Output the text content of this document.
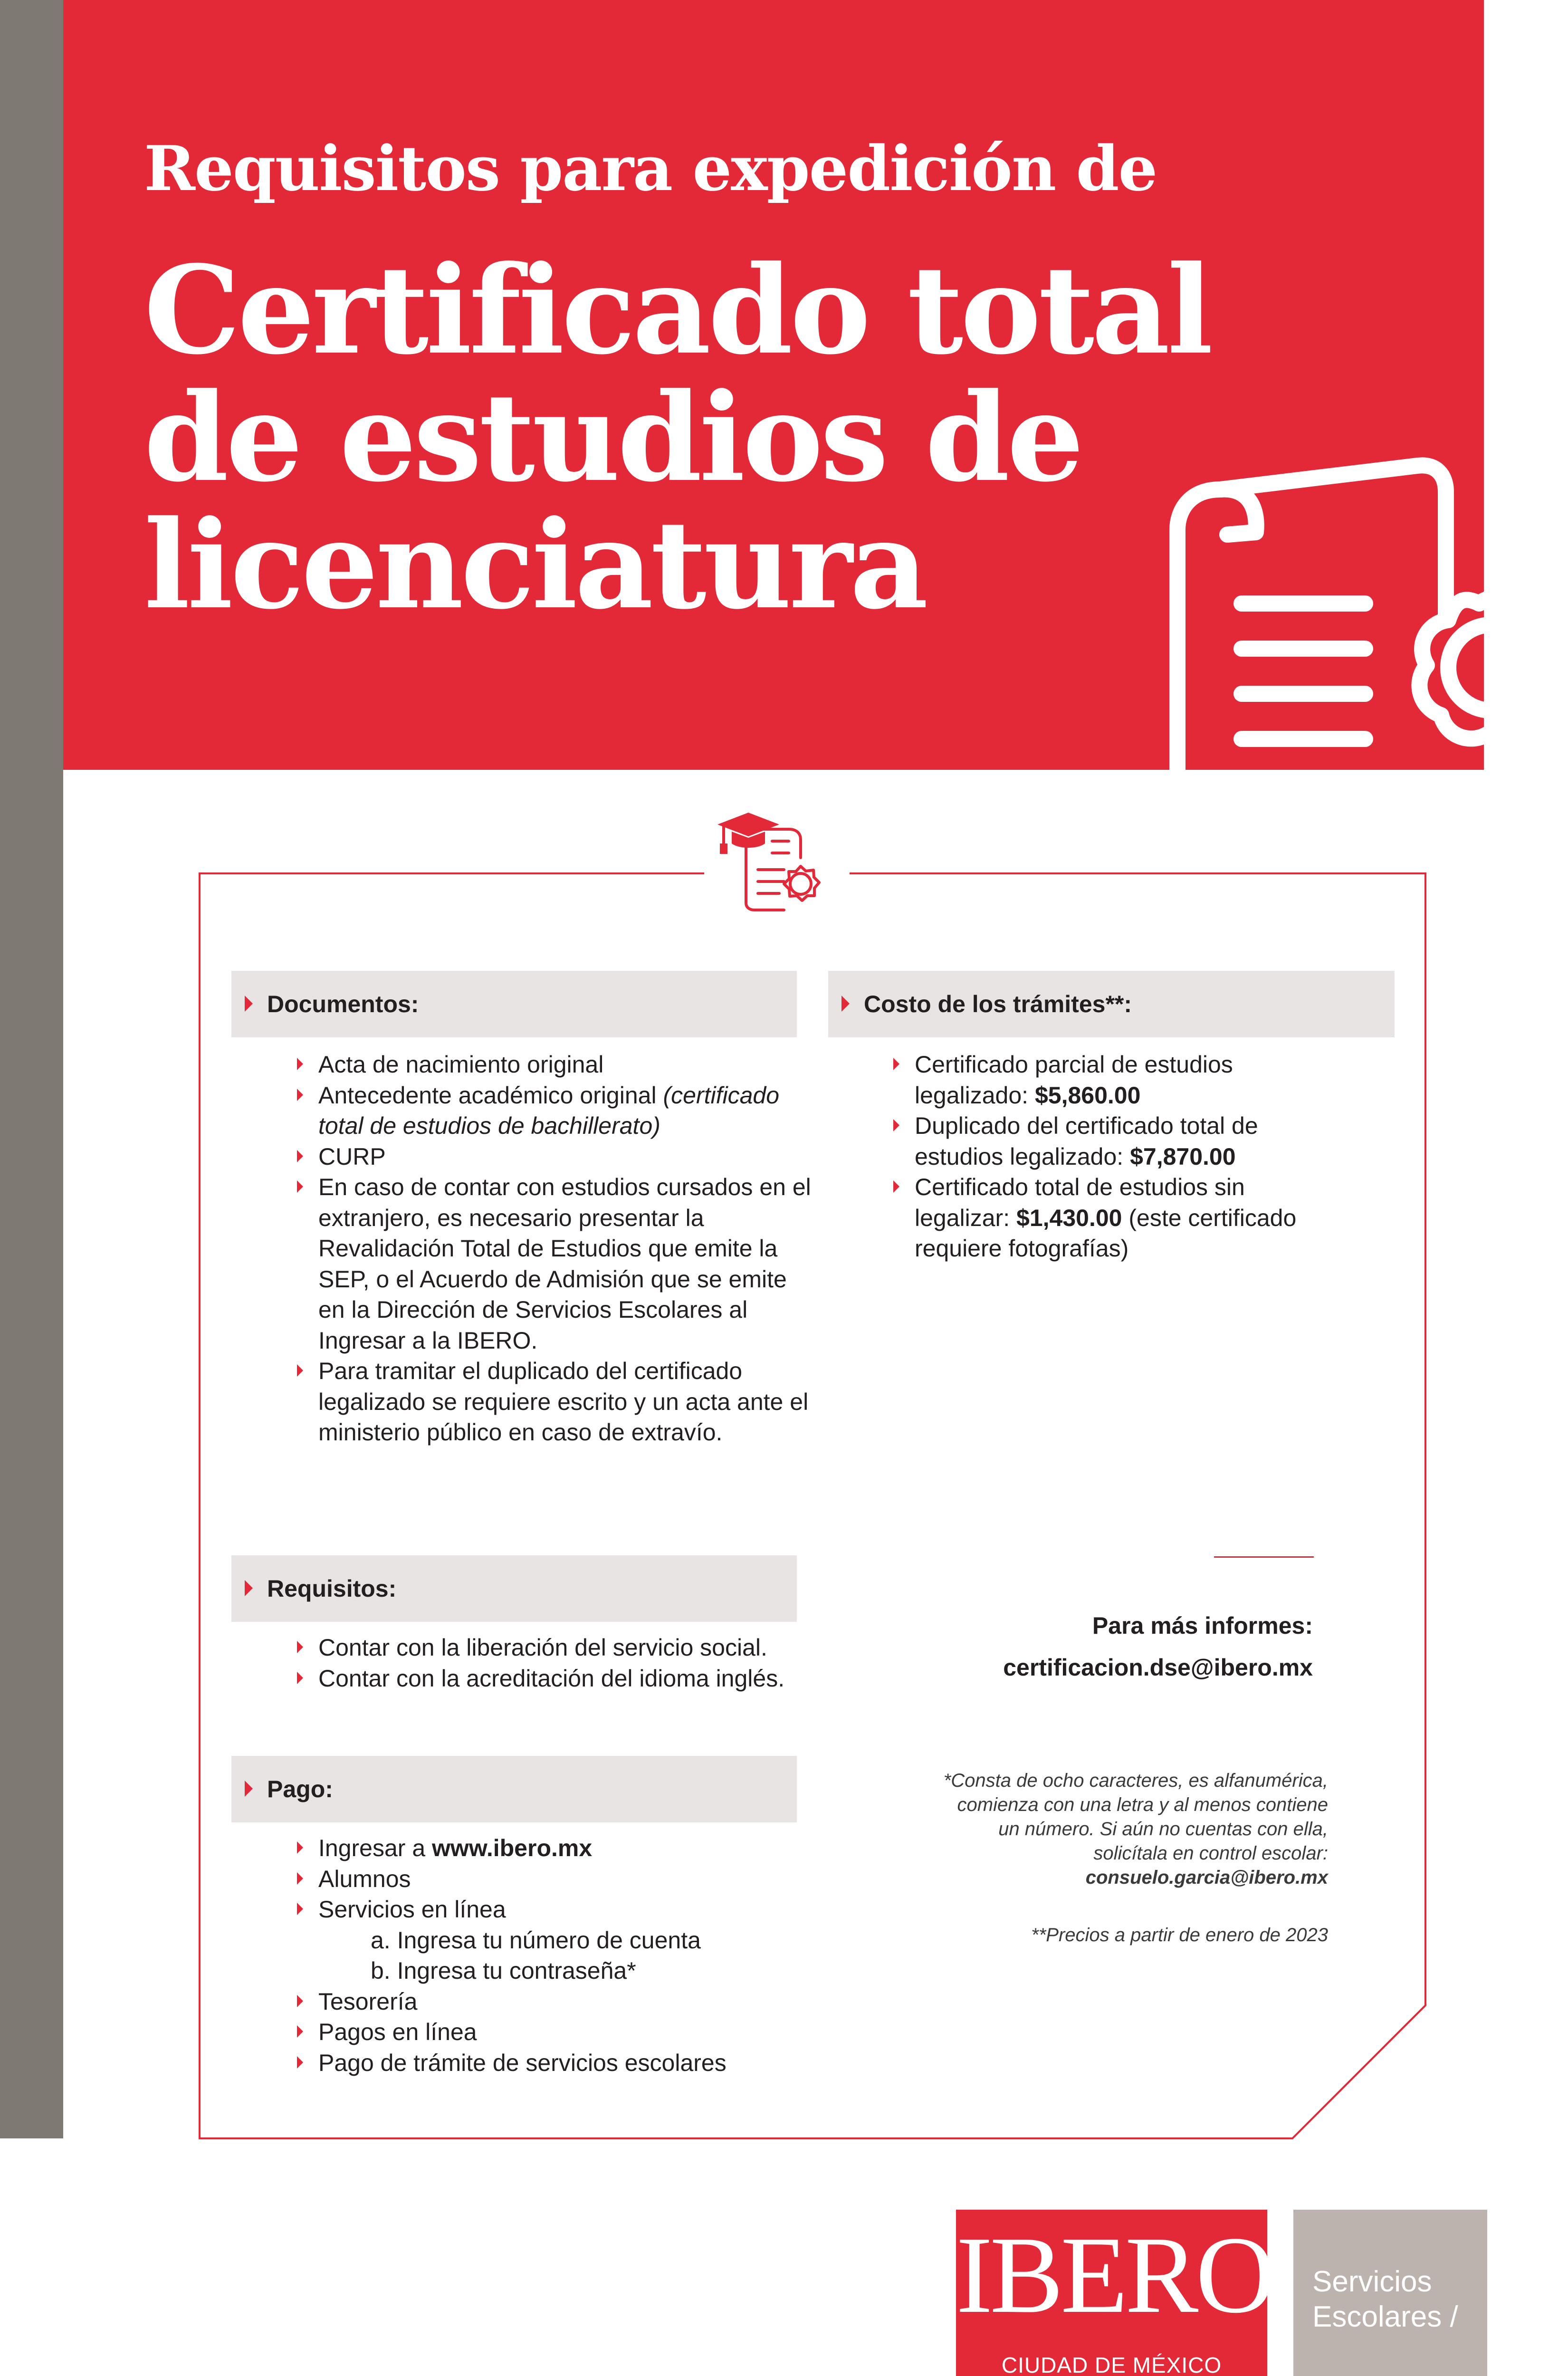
Requisitos para expedición de
Certificado total
de estudios de
licenciatura
Documentos:
Acta de nacimiento original
Antecedente académico original (certificado total de estudios de bachillerato)
CURP
En caso de contar con estudios cursados en el extranjero, es necesario presentar la Revalidación Total de Estudios que emite la SEP, o el Acuerdo de Admisión que se emite en la Dirección de Servicios Escolares al Ingresar a la IBERO.
Para tramitar el duplicado del certificado legalizado se requiere escrito y un acta ante el ministerio público en caso de extravío.
Costo de los trámites**:
Certificado parcial de estudios legalizado: $5,860.00
Duplicado del certificado total de estudios legalizado: $7,870.00
Certificado total de estudios sin legalizar: $1,430.00 (este certificado requiere fotografías)
Requisitos:
Contar con la liberación del servicio social.
Contar con la acreditación del idioma inglés.
Pago:
Ingresar a www.ibero.mx
Alumnos
Servicios en línea
a. Ingresa tu número de cuenta
b. Ingresa tu contraseña*
Tesorería
Pagos en línea
Pago de trámite de servicios escolares
Para más informes:
certificacion.dse@ibero.mx
*Consta de ocho caracteres, es alfanumérica,
comienza con una letra y al menos contiene
un número. Si aún no cuentas con ella,
solicítala en control escolar:
consuelo.garcia@ibero.mx
**Precios a partir de enero de 2023
IBERO
CIUDAD DE MÉXICO
Servicios
Escolares /
